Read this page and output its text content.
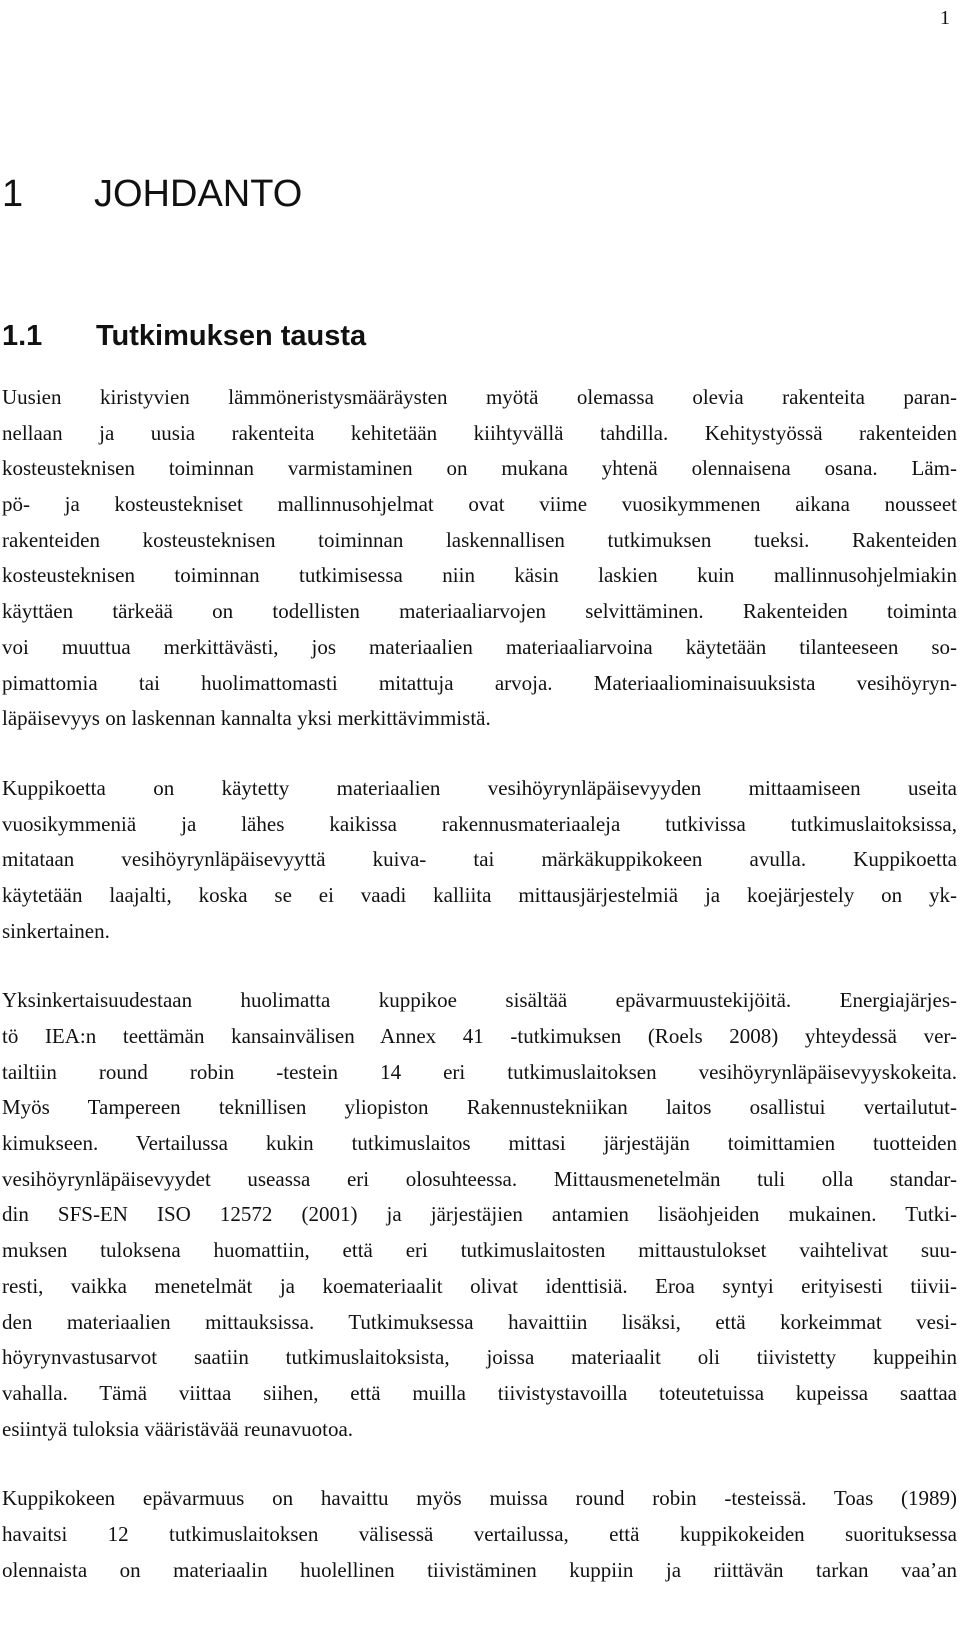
1
1 JOHDANTO
1.1 Tutkimuksen tausta

Uusien kiristyvien lämmöneristysmääräysten myötä olemassa olevia rakenteita paran-
nellaan ja uusia rakenteita kehitetään kiihtyvällä tahdilla. Kehitystyössä rakenteiden
kosteusteknisen toiminnan varmistaminen on mukana yhtenä olennaisena osana. Läm-
pö- ja kosteustekniset mallinnusohjelmat ovat viime vuosikymmenen aikana nousseet
rakenteiden kosteusteknisen toiminnan laskennallisen tutkimuksen tueksi. Rakenteiden
kosteusteknisen toiminnan tutkimisessa niin käsin laskien kuin mallinnusohjelmiakin
käyttäen tärkeää on todellisten materiaaliarvojen selvittäminen. Rakenteiden toiminta
voi muuttua merkittävästi, jos materiaalien materiaaliarvoina käytetään tilanteeseen so-
pimattomia tai huolimattomasti mitattuja arvoja. Materiaaliominaisuuksista vesihöyryn-
läpäisevyys on laskennan kannalta yksi merkittävimmistä.

Kuppikoetta on käytetty materiaalien vesihöyrynläpäisevyyden mittaamiseen useita
vuosikymmeniä ja lähes kaikissa rakennusmateriaaleja tutkivissa tutkimuslaitoksissa,
mitataan vesihöyrynläpäisevyyttä kuiva- tai märkäkuppikokeen avulla. Kuppikoetta
käytetään laajalti, koska se ei vaadi kalliita mittausjärjestelmiä ja koejärjestely on yk-
sinkertainen.

Yksinkertaisuudestaan huolimatta kuppikoe sisältää epävarmuustekijöitä. Energiajärjes-
tö IEA:n teettämän kansainvälisen Annex 41 -tutkimuksen (Roels 2008) yhteydessä ver-
tailtiin round robin -testein 14 eri tutkimuslaitoksen vesihöyrynläpäisevyyskokeita.
Myös Tampereen teknillisen yliopiston Rakennustekniikan laitos osallistui vertailutut-
kimukseen. Vertailussa kukin tutkimuslaitos mittasi järjestäjän toimittamien tuotteiden
vesihöyrynläpäisevyydet useassa eri olosuhteessa. Mittausmenetelmän tuli olla standar-
din SFS-EN ISO 12572 (2001) ja järjestäjien antamien lisäohjeiden mukainen. Tutki-
muksen tuloksena huomattiin, että eri tutkimuslaitosten mittaustulokset vaihtelivat suu-
resti, vaikka menetelmät ja koemateriaalit olivat identtisiä. Eroa syntyi erityisesti tiivii-
den materiaalien mittauksissa. Tutkimuksessa havaittiin lisäksi, että korkeimmat vesi-
höyrynvastusarvot saatiin tutkimuslaitoksista, joissa materiaalit oli tiivistetty kuppeihin
vahalla. Tämä viittaa siihen, että muilla tiivistystavoilla toteutetuissa kupeissa saattaa
esiintyä tuloksia vääristävää reunavuotoa.

Kuppikokeen epävarmuus on havaittu myös muissa round robin -testeissä. Toas (1989)
havaitsi 12 tutkimuslaitoksen välisessä vertailussa, että kuppikokeiden suorituksessa
olennaista on materiaalin huolellinen tiivistäminen kuppiin ja riittävän tarkan vaa’an
